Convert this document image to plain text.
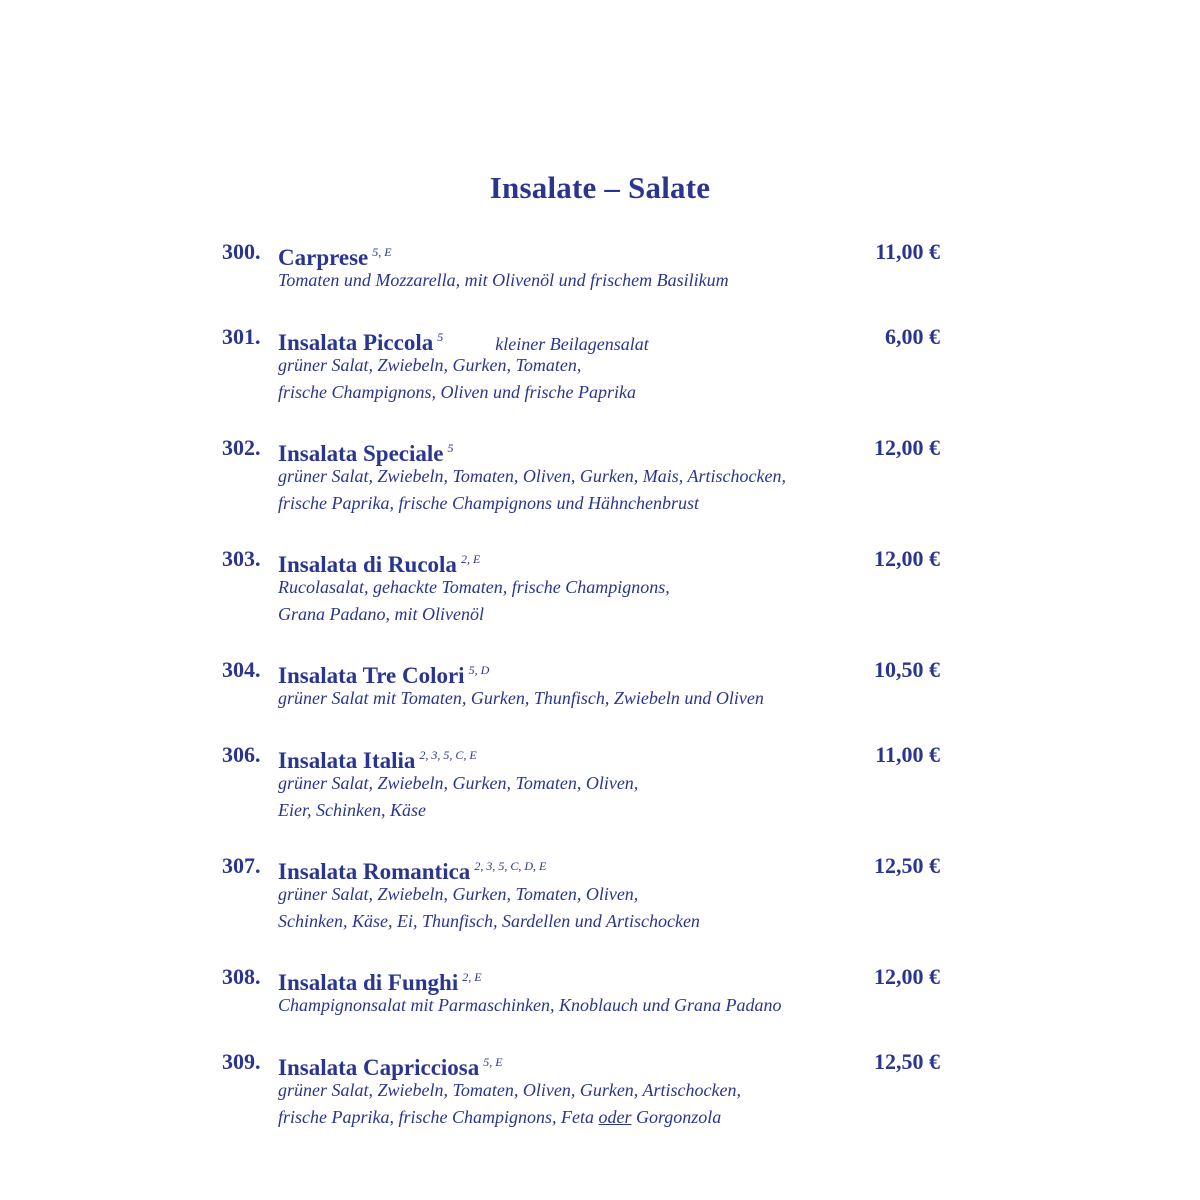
Insalate – Salate
300. Carprese $^{5, E}$	11,00 €
Tomaten und Mozzarella, mit Olivenöl und frischem Basilikum
301. Insalata Piccola $^5$	kleiner Beilagensalat	6,00 €
grüner Salat, Zwiebeln, Gurken, Tomaten,
frische Champignons, Oliven und frische Paprika
302. Insalata Speciale $^5$	12,00 €
grüner Salat, Zwiebeln, Tomaten, Oliven, Gurken, Mais, Artischocken,
frische Paprika, frische Champignons und Hähnchenbrust
303. Insalata di Rucola $^{2, E}$	12,00 €
Rucolasalat, gehackte Tomaten, frische Champignons,
Grana Padano, mit Olivenöl
304. Insalata Tre Colori $^{5, D}$	10,50 €
grüner Salat mit Tomaten, Gurken, Thunfisch, Zwiebeln und Oliven
306. Insalata Italia $^{2, 3, 5, C, E}$	11,00 €
grüner Salat, Zwiebeln, Gurken, Tomaten, Oliven,
Eier, Schinken, Käse
307. Insalata Romantica $^{2, 3, 5, C, D, E}$	12,50 €
grüner Salat, Zwiebeln, Gurken, Tomaten, Oliven,
Schinken, Käse, Ei, Thunfisch, Sardellen und Artischocken
308. Insalata di Funghi $^{2, E}$	12,00 €
Champignonsalat mit Parmaschinken, Knoblauch und Grana Padano
309. Insalata Capricciosa $^{5, E}$	12,50 €
grüner Salat, Zwiebeln, Tomaten, Oliven, Gurken, Artischocken,
frische Paprika, frische Champignons, Feta oder Gorgonzola
